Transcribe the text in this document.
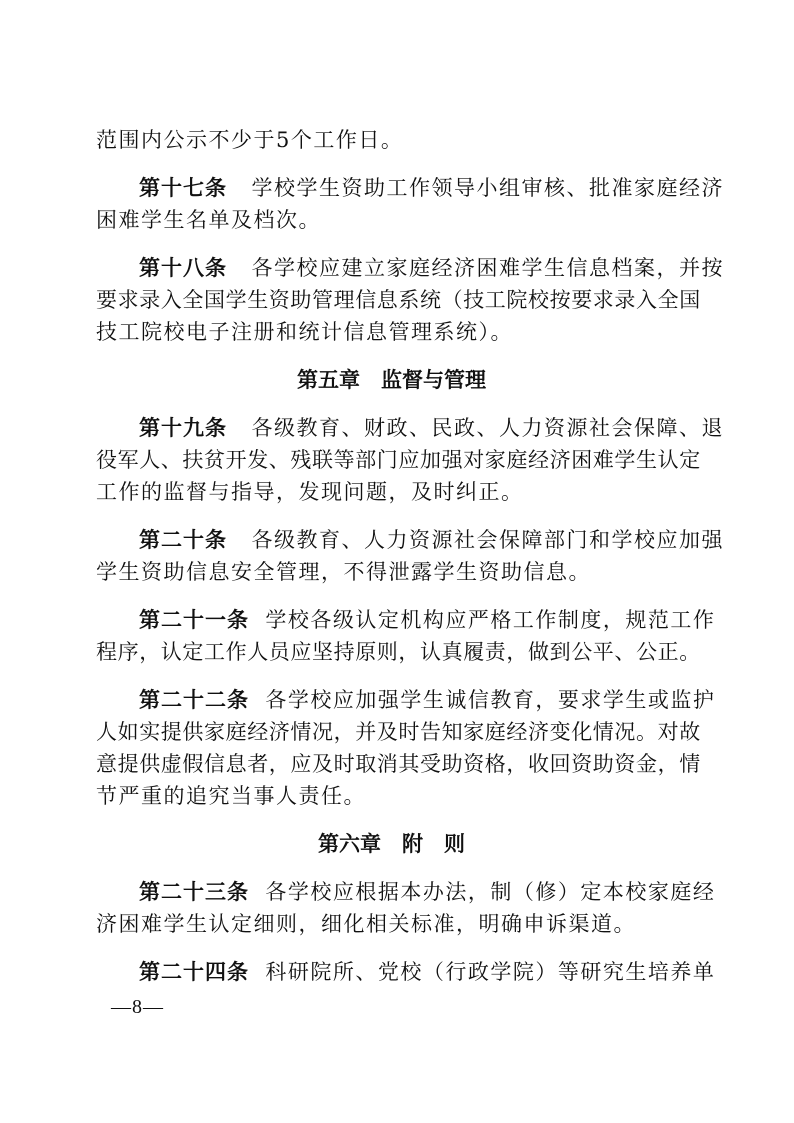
范围内公示不少于5个工作日。
第十七条 学校学生资助工作领导小组审核、批准家庭经济
困难学生名单及档次。
第十八条 各学校应建立家庭经济困难学生信息档案，并按
要求录入全国学生资助管理信息系统（技工院校按要求录入全国
技工院校电子注册和统计信息管理系统）。
第五章　监督与管理
第十九条 各级教育、财政、民政、人力资源社会保障、退
役军人、扶贫开发、残联等部门应加强对家庭经济困难学生认定
工作的监督与指导，发现问题，及时纠正。
第二十条 各级教育、人力资源社会保障部门和学校应加强
学生资助信息安全管理，不得泄露学生资助信息。
第二十一条 学校各级认定机构应严格工作制度，规范工作
程序，认定工作人员应坚持原则，认真履责，做到公平、公正。
第二十二条 各学校应加强学生诚信教育，要求学生或监护
人如实提供家庭经济情况，并及时告知家庭经济变化情况。对故
意提供虚假信息者，应及时取消其受助资格，收回资助资金，情
节严重的追究当事人责任。
第六章　附　则
第二十三条 各学校应根据本办法，制（修）定本校家庭经
济困难学生认定细则，细化相关标准，明确申诉渠道。
第二十四条 科研院所、党校（行政学院）等研究生培养单
—8—
